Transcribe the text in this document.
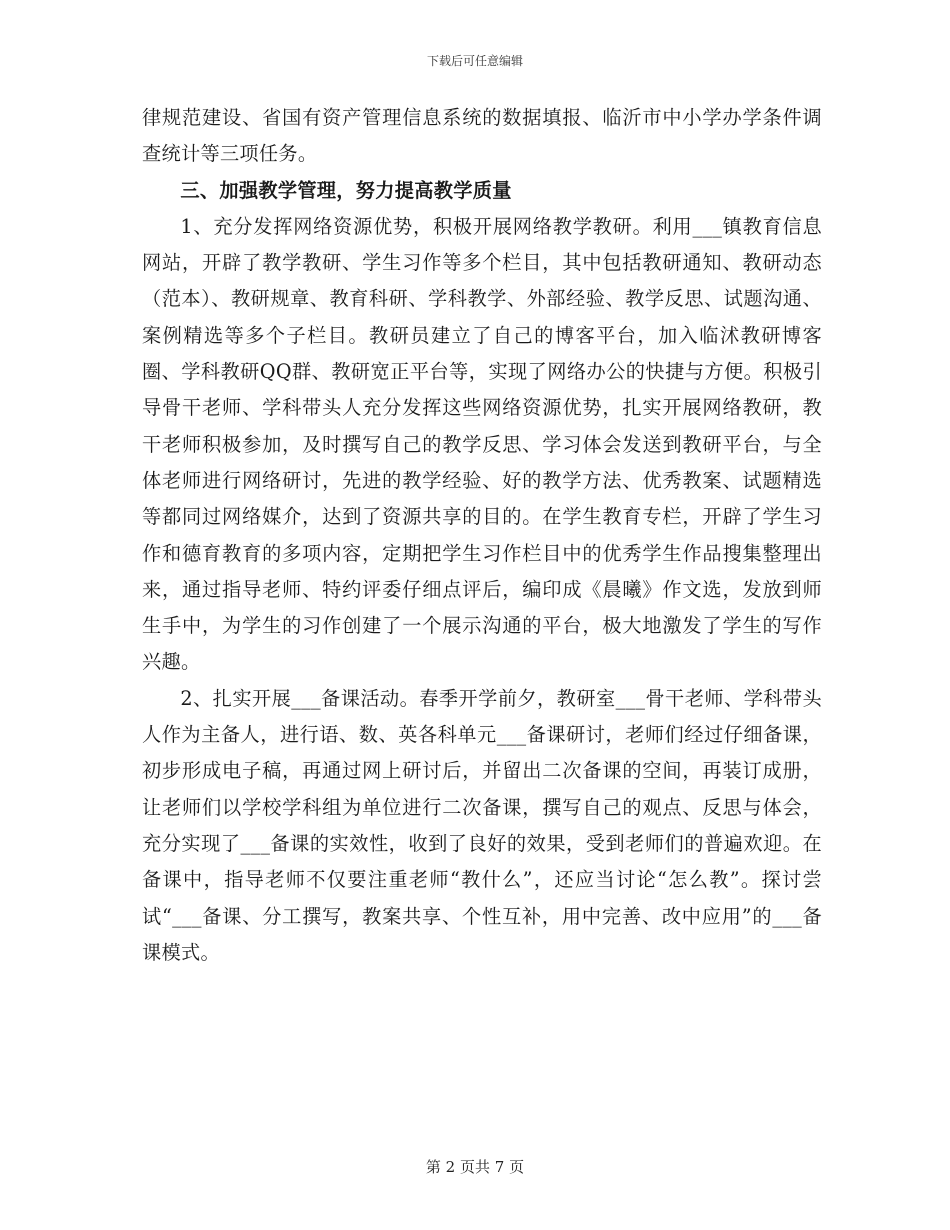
下载后可任意编辑

律规范建设、省国有资产管理信息系统的数据填报、临沂市中小学办学条件调查统计等三项任务。

三、加强教学管理，努力提高教学质量

1、充分发挥网络资源优势，积极开展网络教学教研。利用___镇教育信息网站，开辟了教学教研、学生习作等多个栏目，其中包括教研通知、教研动态（范本）、教研规章、教育科研、学科教学、外部经验、教学反思、试题沟通、案例精选等多个子栏目。教研员建立了自己的博客平台，加入临沭教研博客圈、学科教研QQ群、教研宽正平台等，实现了网络办公的快捷与方便。积极引导骨干老师、学科带头人充分发挥这些网络资源优势，扎实开展网络教研，教干老师积极参加，及时撰写自己的教学反思、学习体会发送到教研平台，与全体老师进行网络研讨，先进的教学经验、好的教学方法、优秀教案、试题精选等都同过网络媒介，达到了资源共享的目的。在学生教育专栏，开辟了学生习作和德育教育的多项内容，定期把学生习作栏目中的优秀学生作品搜集整理出来，通过指导老师、特约评委仔细点评后，编印成《晨曦》作文选，发放到师生手中，为学生的习作创建了一个展示沟通的平台，极大地激发了学生的写作兴趣。

2、扎实开展___备课活动。春季开学前夕，教研室___骨干老师、学科带头人作为主备人，进行语、数、英各科单元___备课研讨，老师们经过仔细备课，初步形成电子稿，再通过网上研讨后，并留出二次备课的空间，再装订成册，让老师们以学校学科组为单位进行二次备课，撰写自己的观点、反思与体会，充分实现了___备课的实效性，收到了良好的效果，受到老师们的普遍欢迎。在备课中，指导老师不仅要注重老师“教什么”，还应当讨论“怎么教”。探讨尝试“___备课、分工撰写，教案共享、个性互补，用中完善、改中应用”的___备课模式。

第 2 页共 7 页
